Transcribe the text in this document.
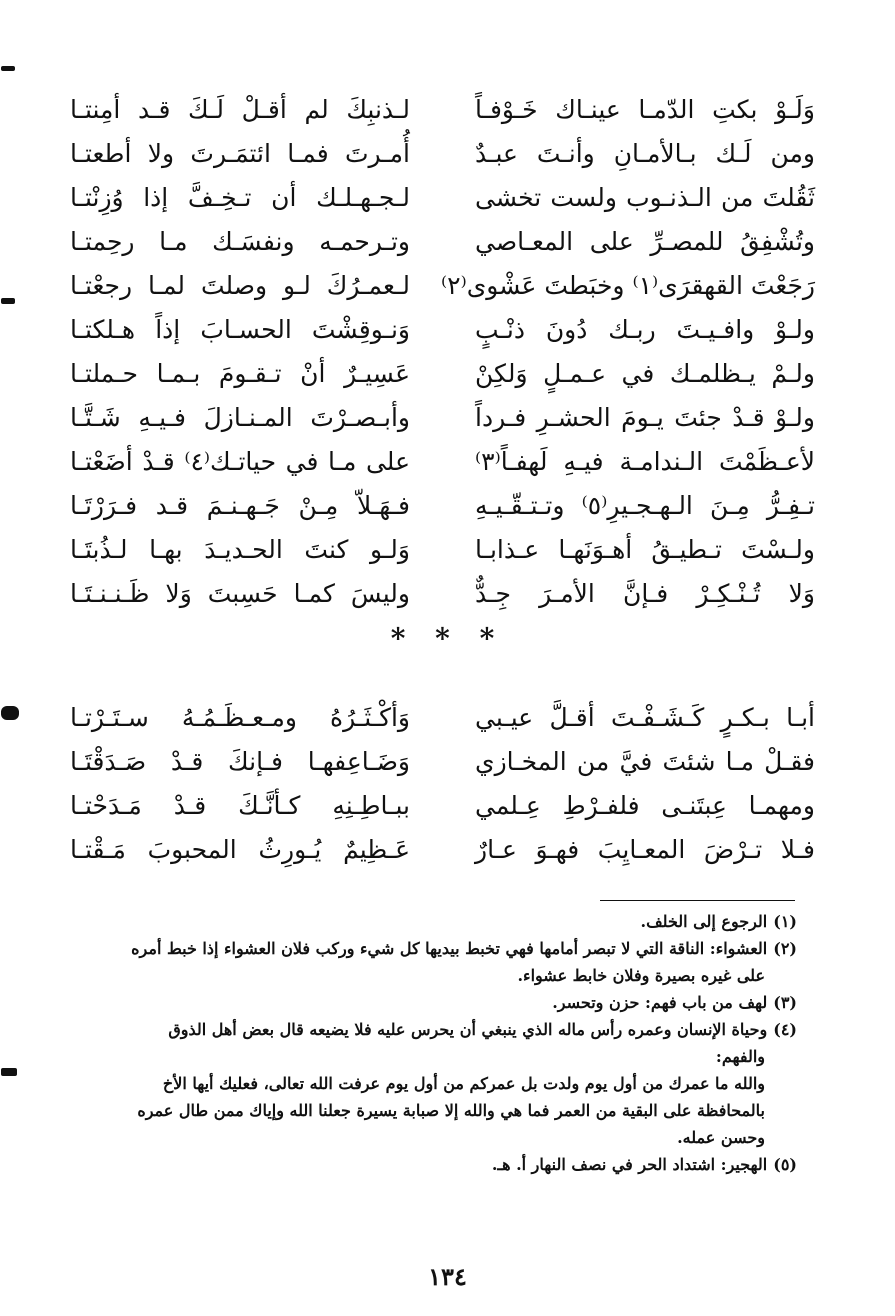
وَلَـوْ بكتِ الدّمـا عينـاك خَـوْفـاً
لـذنبِكَ لم أقـلْ لَـكَ قـد أمِنتـا
ومن لَـك بـالأمـانِ وأنـتَ عبـدٌ
أُمـرتَ فمـا ائتمَـرتَ ولا أطعتـا
ثَقُلتَ من الـذنـوب ولست تخشى
لـجـهـلـك أن تـخِـفَّ إذا وُزِنْتـا
وتُشْفِقُ للمصـرِّ على المعـاصي
وتـرحمـه ونفسَـك مـا رحِمتـا
رَجَعْتَ القهقرَى⁽١⁾ وخبَطتَ عَشْوى⁽٢⁾
لـعمـرُكَ لـو وصلتَ لمـا رجعْتـا
ولـوْ وافـيـتَ ربـك دُونَ ذنْـبٍ
وَنـوقِشْتَ الحسـابَ إذاً هـلكتـا
ولـمْ يـظلمـك في عـمـلٍ وَلكِنْ
عَسِيـرٌ أنْ تـقـومَ بـمـا حـملتـا
ولـوْ قـدْ جئتَ يـومَ الحشـرِ فـرداً
وأبـصـرْتَ المـنـازلَ فـيـهِ شَـتَّـا
لأعـظَمْتَ الـندامـة فيـهِ لَهفـاً⁽٣⁾
على مـا في حياتـك⁽٤⁾ قـدْ أضَعْتـا
تـفِـرُّ مِـنَ الـهـجـيرِ⁽٥⁾ وتـتـقّـيـهِ
فـهَـلاّ مِـنْ جَـهـنـمَ قـد فـرَرْتَـا
ولـسْتَ تـطيـقُ أهـوَنَهـا عـذابـا
وَلـو كنتَ الحـديـدَ بهـا لـذُبتَـا
وَلا تُـنْـكِـرْ فـإنَّ الأمـرَ جِـدٌّ
وليسَ كمـا حَسِبتَ وَلا ظَـنـنـتَـا
* * *
أبـا بـكـرٍ كَـشَـفْـتَ أقـلَّ عيـبي
وَأكْـثَـرُهُ ومـعـظَـمُـهُ سـتَـرْتـا
فقـلْ مـا شئتَ فيَّ من المخـازي
وَضَـاعِفهـا فـإنكَ قـدْ صَـدَقْتَـا
ومهمـا عِبتَنـى فلفـرْطِ عِـلمي
ببـاطِـنِهِ كـأنَّـكَ قـدْ مَـدَحْتـا
فـلا تـرْضَ المعـايِبَ فهـوَ عـارٌ
عَـظِيمٌ يُـورِثُ المحبوبَ مَـقْتـا
(١)الرجوع إلى الخلف.
(٢)العشواء: الناقة التي لا تبصر أمامها فهي تخبط بيديها كل شيء وركب فلان العشواء إذا خبط أمره
على غيره بصيرة وفلان خابط عشواء.
(٣)لهف من باب فهم: حزن وتحسر.
(٤)وحياة الإنسان وعمره رأس ماله الذي ينبغي أن يحرس عليه فلا يضيعه قال بعض أهل الذوق
والفهم:
والله ما عمرك من أول يوم ولدت بل عمركم من أول يوم عرفت الله تعالى، فعليك أيها الأخ
بالمحافظة على البقية من العمر فما هي والله إلا صبابة يسيرة جعلنا الله وإياك ممن طال عمره
وحسن عمله.
(٥)الهجير: اشتداد الحر في نصف النهار أ. هـ.
١٣٤
